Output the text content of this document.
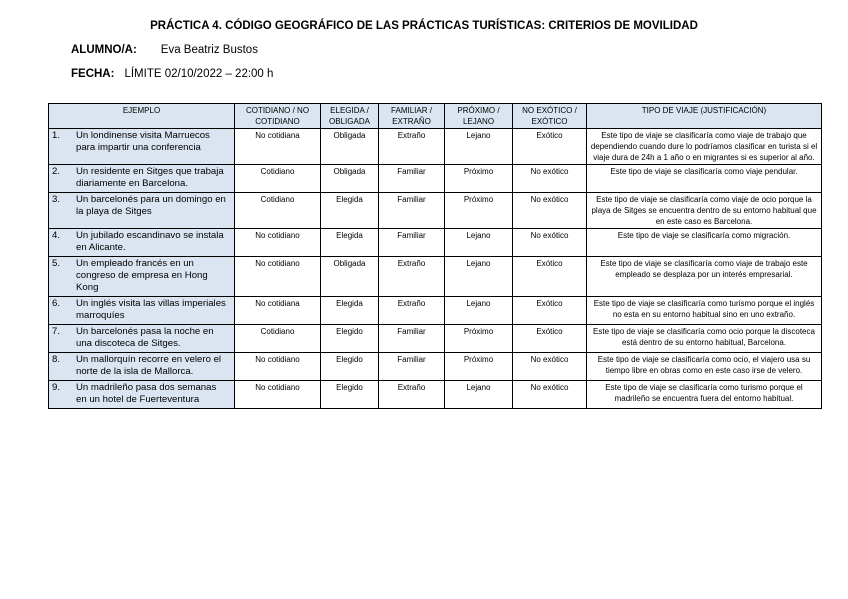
PRÁCTICA 4. CÓDIGO GEOGRÁFICO DE LAS PRÁCTICAS TURÍSTICAS: CRITERIOS DE MOVILIDAD
ALUMNO/A: Eva Beatriz Bustos
FECHA: LÍMITE 02/10/2022 – 22:00 h
EJEMPLO	COTIDIANO / NO COTIDIANO	ELEGIDA / OBLIGADA	FAMILIAR / EXTRAÑO	PRÓXIMO / LEJANO	NO EXÓTICO / EXÓTICO	TIPO DE VIAJE (JUSTIFICACIÓN)
1. Un londinense visita Marruecos para impartir una conferencia	No cotidiana	Obligada	Extraño	Lejano	Exótico	Este tipo de viaje se clasificaría como viaje de trabajo que dependiendo cuando dure lo podríamos clasificar en turista si el viaje dura de 24h a 1 año o en migrantes si es superior al año.
2. Un residente en Sitges que trabaja diariamente en Barcelona.	Cotidiano	Obligada	Familiar	Próximo	No exótico	Este tipo de viaje se clasificaría como viaje pendular.
3. Un barcelonés para un domingo en la playa de Sitges	Cotidiano	Elegida	Familiar	Próximo	No exótico	Este tipo de viaje se clasificaría como viaje de ocio porque la playa de Sitges se encuentra dentro de su entorno habitual que en este caso es Barcelona.
4. Un jubilado escandinavo se instala en Alicante.	No cotidiano	Elegida	Familiar	Lejano	No exótico	Este tipo de viaje se clasificaría como migración.
5. Un empleado francés en un congreso de empresa en Hong Kong	No cotidiano	Obligada	Extraño	Lejano	Exótico	Este tipo de viaje se clasificaría como viaje de trabajo este empleado se desplaza por un interés empresarial.
6. Un inglés visita las villas imperiales marroquíes	No cotidiana	Elegida	Extraño	Lejano	Exótico	Este tipo de viaje se clasificaría como turismo porque el inglés no esta en su entorno habitual sino en uno extraño.
7. Un barcelonés pasa la noche en una discoteca de Sitges.	Cotidiano	Elegido	Familiar	Próximo	Exótico	Este tipo de viaje se clasificaría como ocio porque la discoteca está dentro de su entorno habitual, Barcelona.
8. Un mallorquín recorre en velero el norte de la isla de Mallorca.	No cotidiano	Elegido	Familiar	Próximo	No exótico	Este tipo de viaje se clasificaría como ocio, el viajero usa su tiempo libre en obras como en este caso irse de velero.
9. Un madrileño pasa dos semanas en un hotel de Fuerteventura	No cotidiano	Elegido	Extraño	Lejano	No exótico	Este tipo de viaje se clasificaría como turismo porque el madrileño se encuentra fuera del entorno habitual.
